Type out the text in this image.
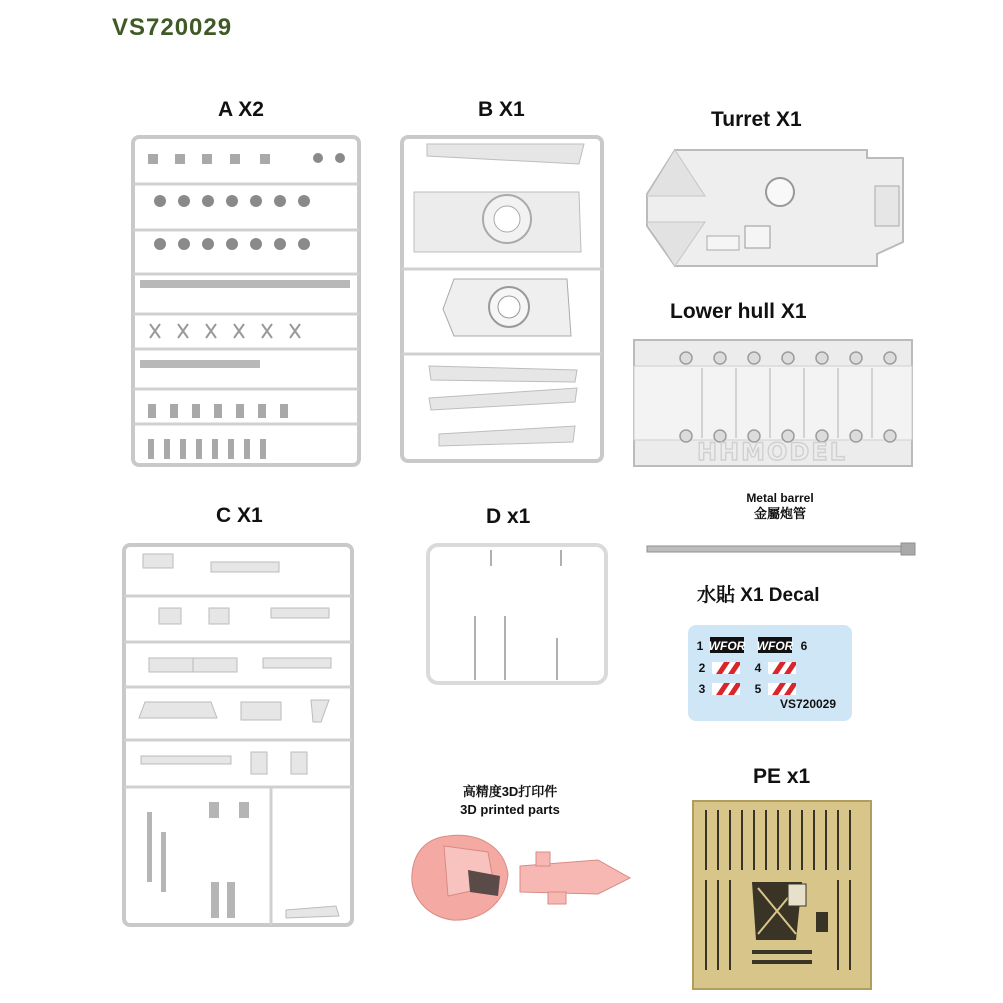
VS720029
A X2	B X1	Turret X1
Lower hull X1
C X1	D x1
PE x1
Metal barrel
金屬炮管
水貼 X1 Decal
高精度3D打印件
3D printed parts
HHMODEL
WFOR WFOR
1	6
2	4
3	5
VS720029
